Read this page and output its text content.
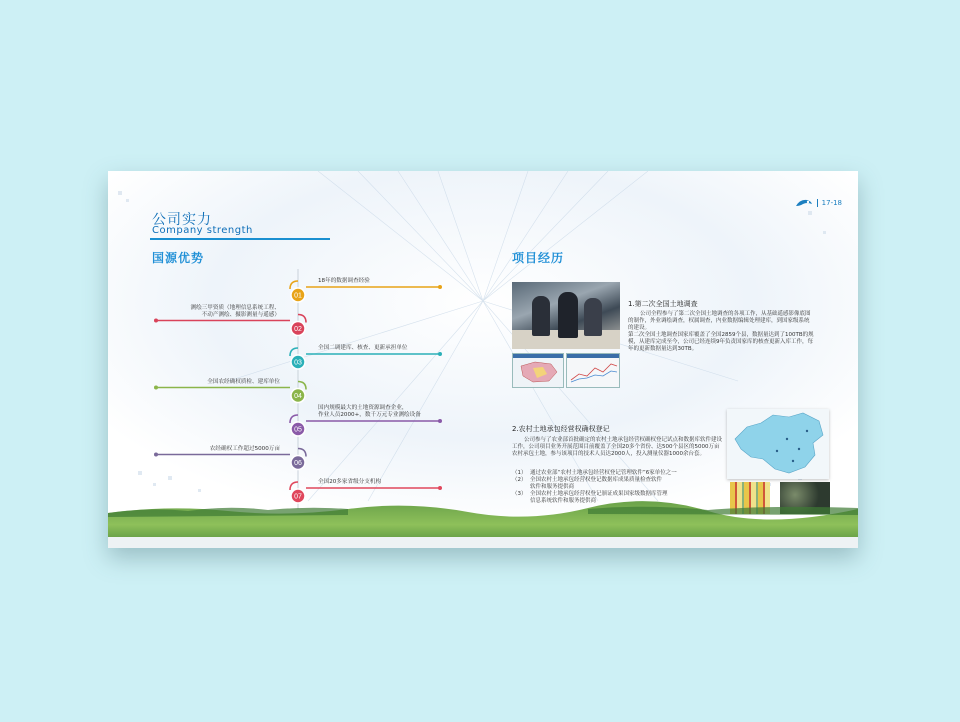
17-18
公司实力
Company strength
国源优势	项目经历
01
02
03
04
05
06
07
18年的数据调查经验
测绘三甲资质（地理信息系统工程、
不动产测绘、摄影测量与遥感）
全国二调建库、核查、更新承担单位
全国农经确权质检、建库单位
国内规模最大的土地资源调查企业，
作业人员2000+，数千万元专业测绘设备
农经确权工作超过5000万亩
全国20多家省级分支机构
1.第二次全国土地调查
公司全程参与了第二次全国土地调查的各项工作，从基础遥感影像底图的制作，外业调绘调查，权属调查，内业数据编辑处理建库，到国家级系统的建设。
第二次全国土地调查国家库覆盖了全国2859个县，数据量达到了100TB的规模，从建库完成至今，公司已经连续9年负责国家库的核查更新入库工作，每年的更新数据量达到30TB。
2.农村土地承包经营权确权登记
公司参与了农业部首批确定的农村土地承包经营权确权登记试点和数据库软件建设工作，公司项目业务开展范围目前覆盖了全国20多个省份、达500个县区的5000万亩农村承包土地，参与该项目的技术人员达2000人，投入测量仪器1000余台套。
（1） 通过农业部“农村土地承包经营权登记管理软件”6家单位之一
（2） 全国农村土地承包经营权登记数据库成果质量检查软件
软件和服务提供商
（3） 全国农村土地承包经营权登记颁证成果国家级数据库管理
信息系统软件和服务提供商
